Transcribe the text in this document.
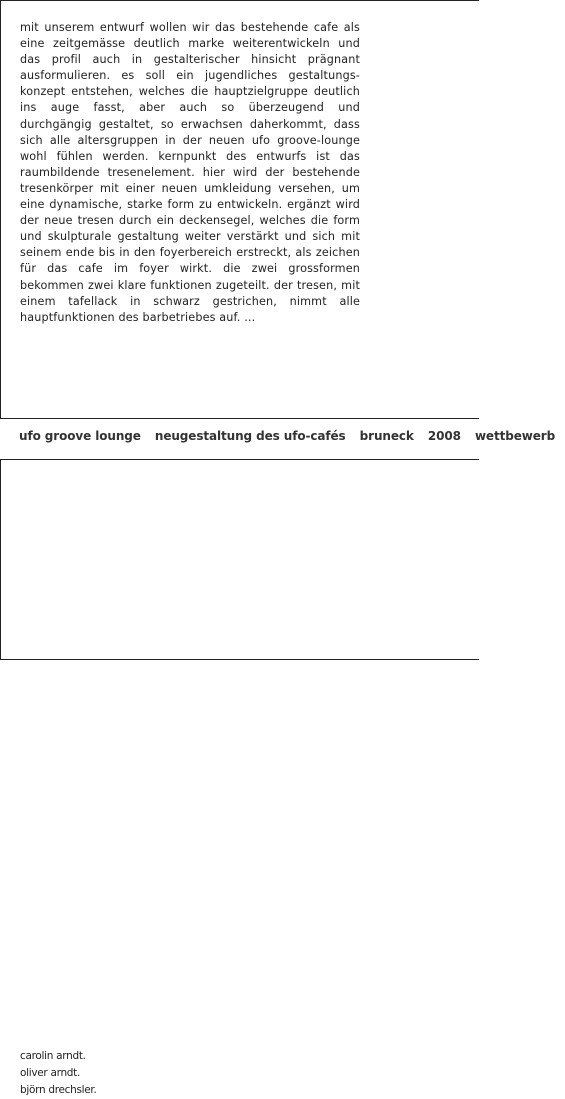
mit unserem entwurf wollen wir das bestehende cafe als eine zeitgemässe deutlich marke weiterentwickeln und das profil auch in gestalterischer hinsicht prägnant ausformulieren. es soll ein jugendliches gestaltungs-konzept entstehen, welches die hauptzielgruppe deutlich ins auge fasst, aber auch so überzeugend und durchgängig gestaltet, so erwachsen daherkommt, dass sich alle altersgruppen in der neuen ufo groove-lounge wohl fühlen werden. kernpunkt des entwurfs ist das raumbildende tresenelement. hier wird der bestehende tresenkörper mit einer neuen umkleidung versehen, um eine dynamische, starke form zu entwickeln. ergänzt wird der neue tresen durch ein deckensegel, welches die form und skulpturale gestaltung weiter verstärkt und sich mit seinem ende bis in den foyerbereich erstreckt, als zeichen für das cafe im foyer wirkt. die zwei grossformen bekommen zwei klare funktionen zugeteilt. der tresen, mit einem tafellack in schwarz gestrichen, nimmt alle hauptfunktionen des barbetriebes auf. ...

ufo groove lounge neugestaltung des ufo-cafés bruneck 2008 wettbewerb
carolin arndt.
oliver arndt.
björn drechsler.
